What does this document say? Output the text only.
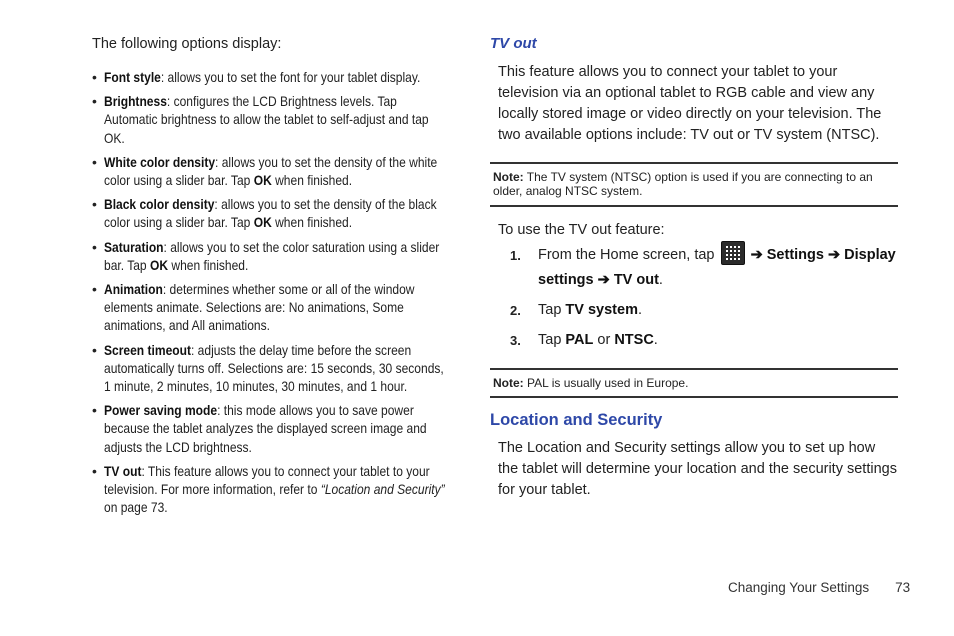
The following options display:

• Font style: allows you to set the font for your tablet display.
• Brightness: configures the LCD Brightness levels. Tap Automatic brightness to allow the tablet to self-adjust and tap OK.
• White color density: allows you to set the density of the white color using a slider bar. Tap OK when finished.
• Black color density: allows you to set the density of the black color using a slider bar. Tap OK when finished.
• Saturation: allows you to set the color saturation using a slider bar. Tap OK when finished.
• Animation: determines whether some or all of the window elements animate. Selections are: No animations, Some animations, and All animations.
• Screen timeout: adjusts the delay time before the screen automatically turns off. Selections are: 15 seconds, 30 seconds, 1 minute, 2 minutes, 10 minutes, 30 minutes, and 1 hour.
• Power saving mode: this mode allows you to save power because the tablet analyzes the displayed screen image and adjusts the LCD brightness.
• TV out: This feature allows you to connect your tablet to your television. For more information, refer to “Location and Security” on page 73.
TV out

This feature allows you to connect your tablet to your television via an optional tablet to RGB cable and view any locally stored image or video directly on your television. The two available options include: TV out or TV system (NTSC).

Note: The TV system (NTSC) option is used if you are connecting to an older, analog NTSC system.

To use the TV out feature:

1. From the Home screen, tap ➔ Settings ➔ Display
settings ➔ TV out.
2. Tap TV system.
3. Tap PAL or NTSC.
Note: PAL is usually used in Europe.
Location and Security

The Location and Security settings allow you to set up how the tablet will determine your location and the security settings for your tablet.

Changing Your Settings 73
